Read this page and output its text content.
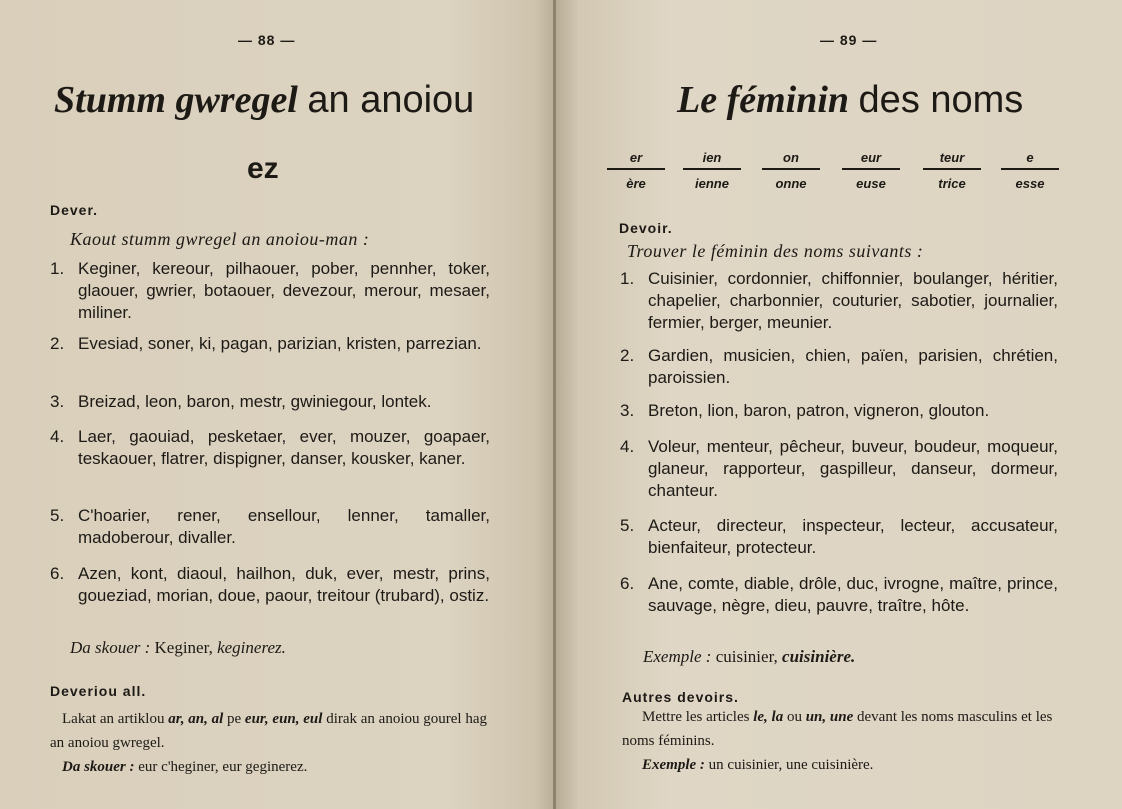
— 88 —
Stumm gwregel an anoiou
ez
Dever.
Kaout stumm gwregel an anoiou-man :
1. Keginer, kereour, pilhaouer, pober, pennher, toker, glaouer, gwrier, botaouer, devezour, merour, mesaer, miliner.
2. Evesiad, soner, ki, pagan, parizian, kristen, parrezian.
3. Breizad, leon, baron, mestr, gwiniegour, lontek.
4. Laer, gaouiad, pesketaer, ever, mouzer, goapaer, teskaouer, flatrer, dispigner, danser, kousker, kaner.
5. C'hoarier, rener, ensellour, lenner, tamaller, madoberour, divaller.
6. Azen, kont, diaoul, hailhon, duk, ever, mestr, prins, goueziad, morian, doue, paour, treitour (trubard), ostiz.
Da skouer : Keginer, keginerez.
Deveriou all.
Lakat an artiklou ar, an, al pe eur, eun, eul dirak an anoiou gourel hag an anoiou gwregel.
Da skouer : eur c'heginer, eur geginerez.
— 89 —
Le féminin des noms
er
ère
ien
ienne
on
onne
eur
euse
teur
trice
e
esse
Devoir.
Trouver le féminin des noms suivants :
1. Cuisinier, cordonnier, chiffonnier, boulanger, héritier, chapelier, charbonnier, couturier, sabotier, journalier, fermier, berger, meunier.
2. Gardien, musicien, chien, païen, parisien, chrétien, paroissien.
3. Breton, lion, baron, patron, vigneron, glouton.
4. Voleur, menteur, pêcheur, buveur, boudeur, moqueur, glaneur, rapporteur, gaspilleur, danseur, dormeur, chanteur.
5. Acteur, directeur, inspecteur, lecteur, accusateur, bienfaiteur, protecteur.
6. Ane, comte, diable, drôle, duc, ivrogne, maître, prince, sauvage, nègre, dieu, pauvre, traître, hôte.
Exemple : cuisinier, cuisinière.
Autres devoirs.
Mettre les articles le, la ou un, une devant les noms masculins et les noms féminins.
Exemple : un cuisinier, une cuisinière.
